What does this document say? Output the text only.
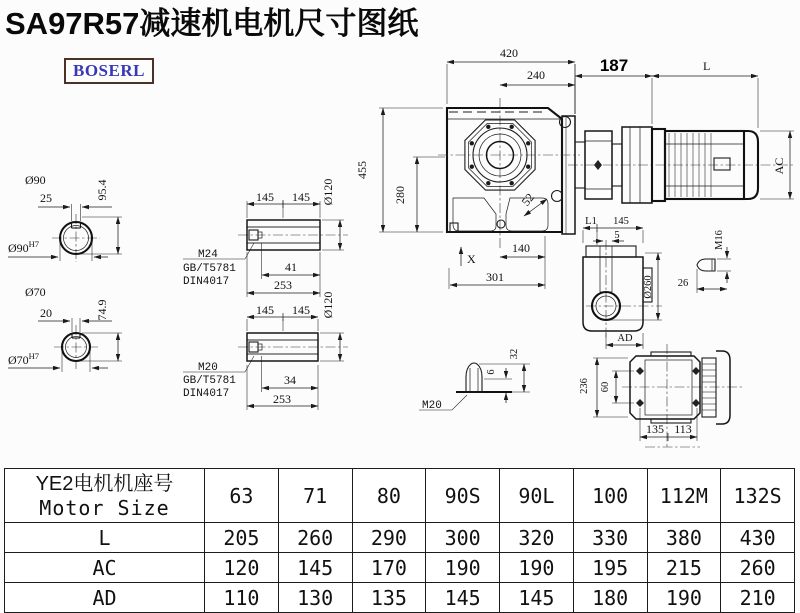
SA97R57减速机电机尺寸图纸
BOSERL
Ø90
25	95.4
$Ø90^{H7}$
Ø70
20	74.9
$Ø70^{H7}$
145 145 Ø120
M24
GB/T5781
DIN4017
41
253
145 145 Ø120
M20
GB/T5781
DIN4017
34
253
420
240
455
280	52
X
140
301
187	L
AC
L1 145
5
Ø260
AD
M16
26
M20
6
32
236 60
135 113
YE2电机机座号
Motor Size	63	71	80	90S	90L	100	112M	132S
L	205	260	290	300	320	330	380	430
AC	120	145	170	190	190	195	215	260
AD	110	130	135	145	145	180	190	210
